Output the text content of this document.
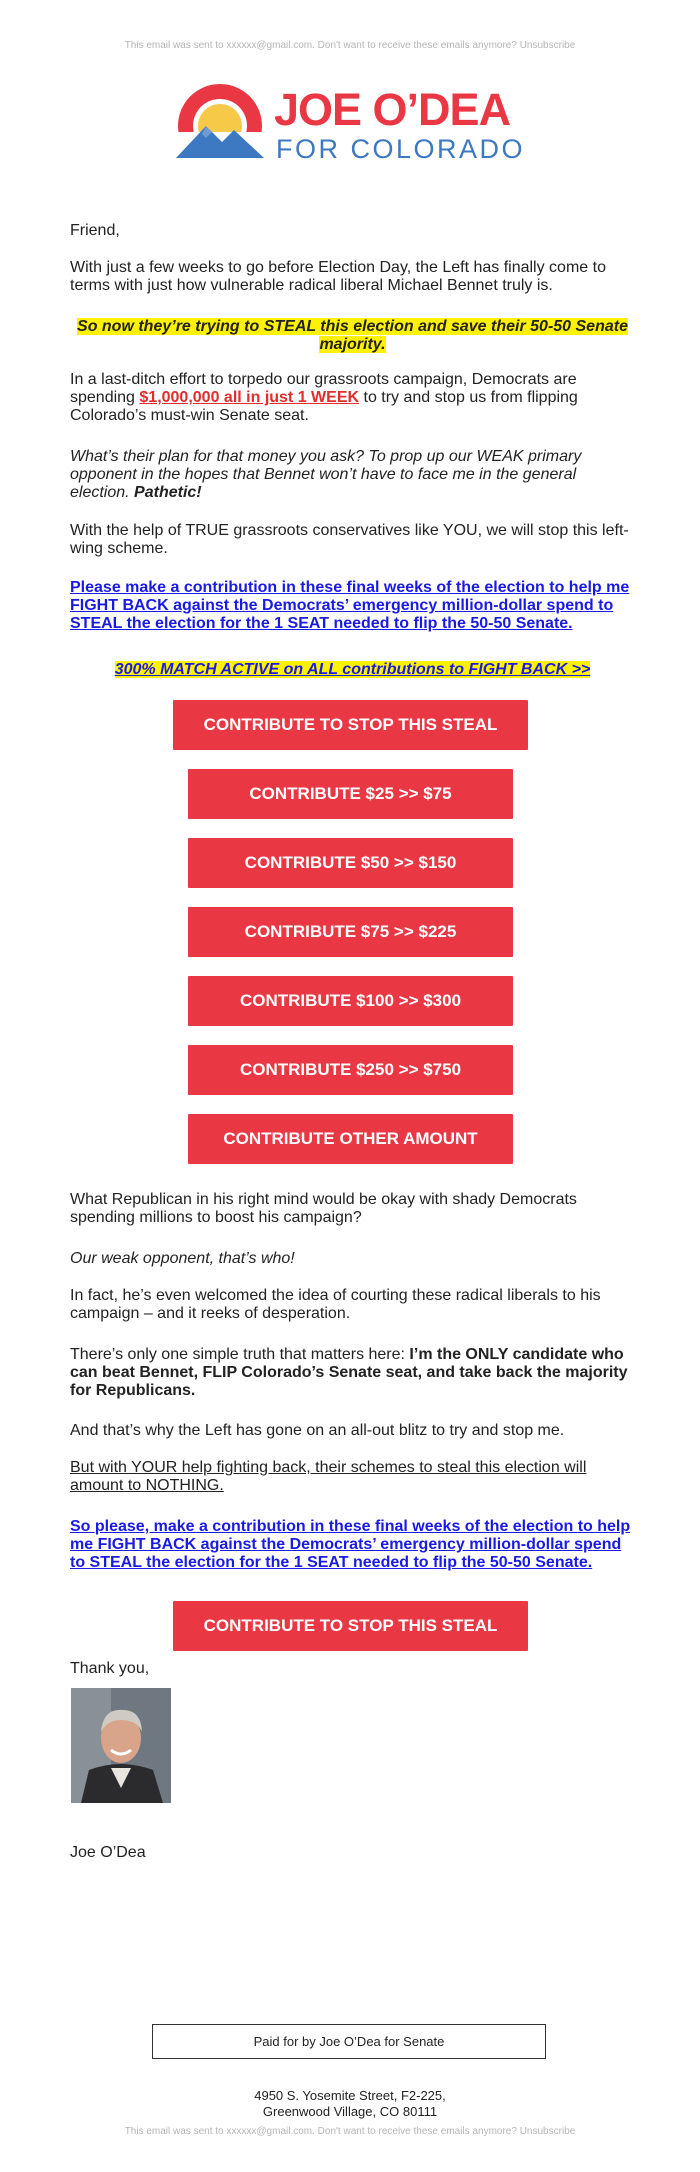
This email was sent to xxxxxx@gmail.com. Don't want to receive these emails anymore? Unsubscribe
JOE O’DEA
FOR COLORADO

Friend,

With just a few weeks to go before Election Day, the Left has finally come to terms with just how vulnerable radical liberal Michael Bennet truly is.

So now they’re trying to STEAL this election and save their 50-50 Senate majority.

In a last-ditch effort to torpedo our grassroots campaign, Democrats are spending $1,000,000 all in just 1 WEEK to try and stop us from flipping Colorado’s must-win Senate seat.

What’s their plan for that money you ask? To prop up our WEAK primary opponent in the hopes that Bennet won’t have to face me in the general election. Pathetic!

With the help of TRUE grassroots conservatives like YOU, we will stop this left-wing scheme.

Please make a contribution in these final weeks of the election to help me FIGHT BACK against the Democrats’ emergency million-dollar spend to STEAL the election for the 1 SEAT needed to flip the 50-50 Senate.

300% MATCH ACTIVE on ALL contributions to FIGHT BACK >>

CONTRIBUTE TO STOP THIS STEAL
CONTRIBUTE $25 >> $75
CONTRIBUTE $50 >> $150
CONTRIBUTE $75 >> $225
CONTRIBUTE $100 >> $300
CONTRIBUTE $250 >> $750
CONTRIBUTE OTHER AMOUNT

What Republican in his right mind would be okay with shady Democrats spending millions to boost his campaign?

Our weak opponent, that’s who!

In fact, he’s even welcomed the idea of courting these radical liberals to his campaign – and it reeks of desperation.

There’s only one simple truth that matters here: I’m the ONLY candidate who can beat Bennet, FLIP Colorado’s Senate seat, and take back the majority for Republicans.

And that’s why the Left has gone on an all-out blitz to try and stop me.

But with YOUR help fighting back, their schemes to steal this election will amount to NOTHING.

So please, make a contribution in these final weeks of the election to help me FIGHT BACK against the Democrats’ emergency million-dollar spend to STEAL the election for the 1 SEAT needed to flip the 50-50 Senate.

CONTRIBUTE TO STOP THIS STEAL

Thank you,

Joe O’Dea

Paid for by Joe O’Dea for Senate
4950 S. Yosemite Street, F2-225,
Greenwood Village, CO 80111
This email was sent to xxxxxx@gmail.com. Don't want to receive these emails anymore? Unsubscribe
